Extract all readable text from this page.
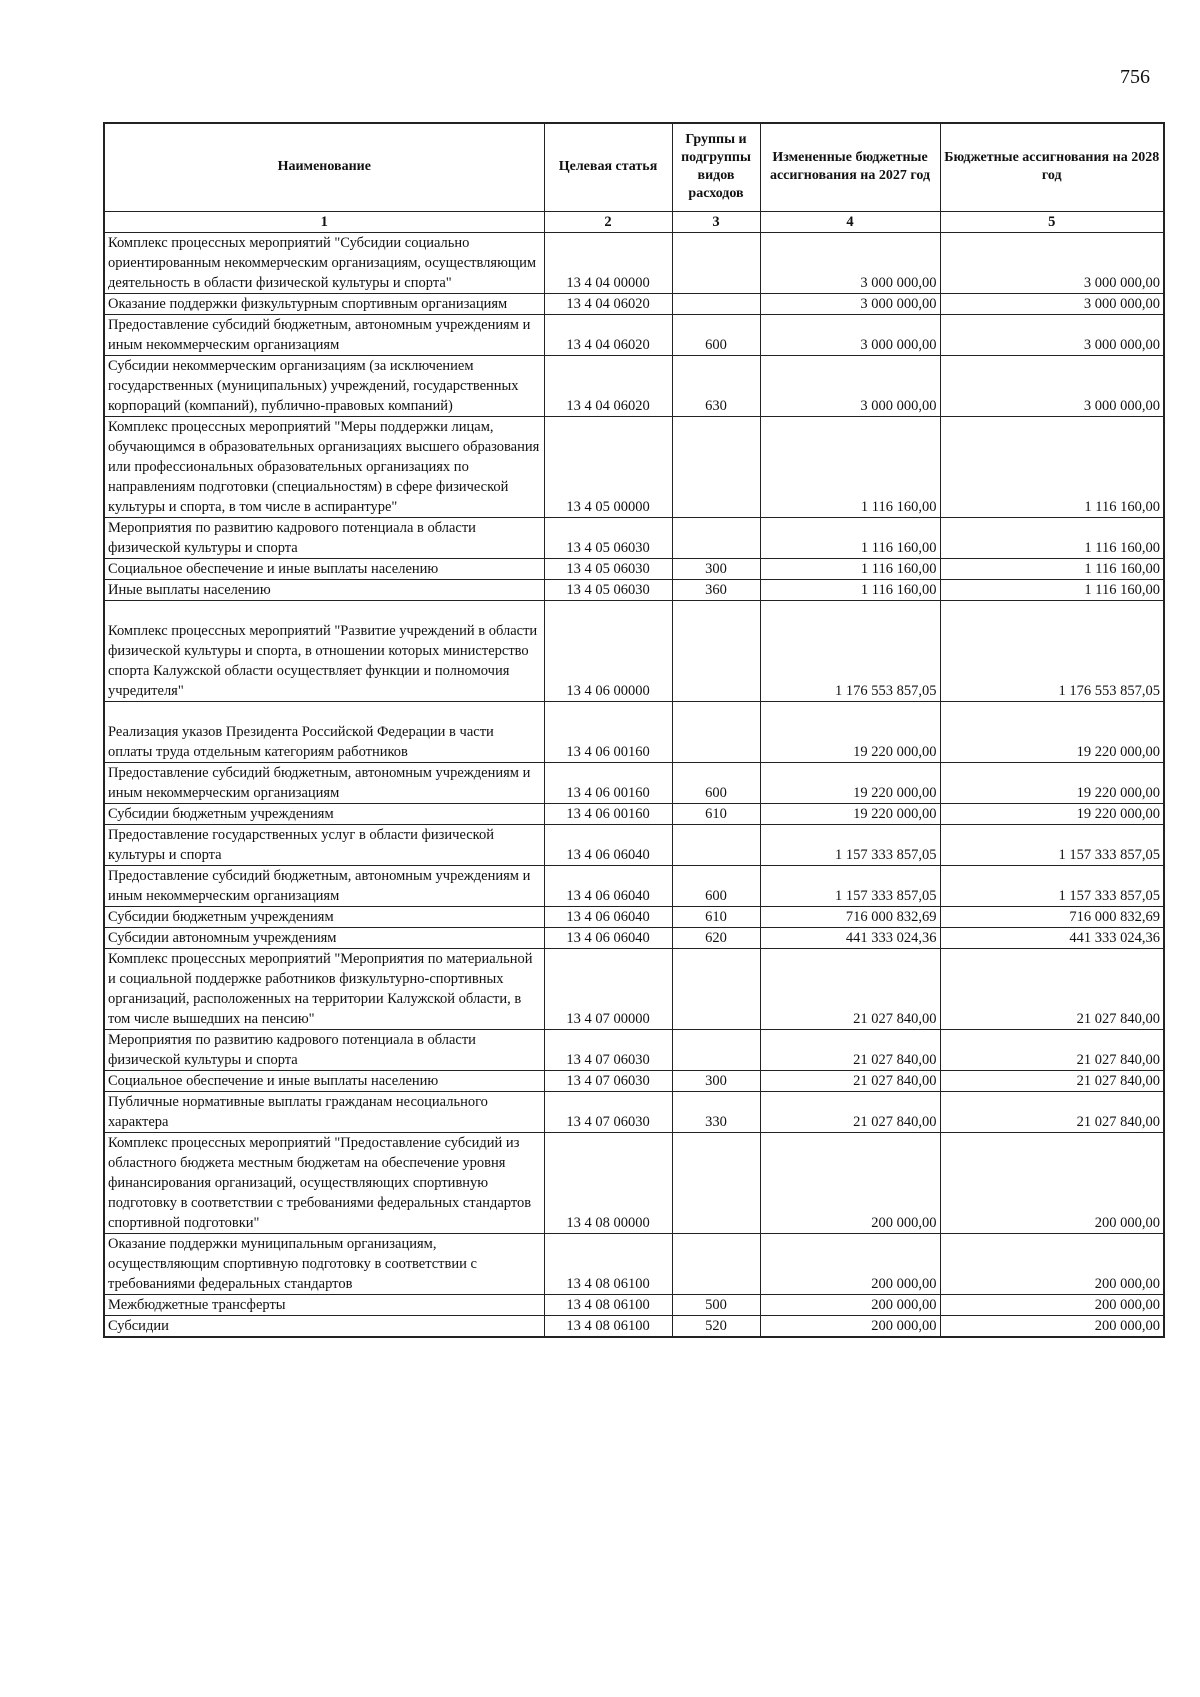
756
Наименование	Целевая статья	Группы и подгруппы видов расходов	Измененные бюджетные ассигнования на 2027 год	Бюджетные ассигнования на 2028 год
1	2	3	4	5
Комплекс процессных мероприятий "Субсидии социально ориентированным некоммерческим организациям, осуществляющим деятельность в области физической культуры и спорта"	13 4 04 00000		3 000 000,00	3 000 000,00
Оказание поддержки физкультурным спортивным организациям	13 4 04 06020		3 000 000,00	3 000 000,00
Предоставление субсидий бюджетным, автономным учреждениям и иным некоммерческим организациям	13 4 04 06020	600	3 000 000,00	3 000 000,00
Субсидии некоммерческим организациям (за исключением государственных (муниципальных) учреждений, государственных корпораций (компаний), публично-правовых компаний)	13 4 04 06020	630	3 000 000,00	3 000 000,00
Комплекс процессных мероприятий "Меры поддержки лицам, обучающимся в образовательных организациях высшего образования или профессиональных образовательных организациях по направлениям подготовки (специальностям) в сфере физической культуры и спорта, в том числе в аспирантуре"	13 4 05 00000		1 116 160,00	1 116 160,00
Мероприятия по развитию кадрового потенциала в области физической культуры и спорта	13 4 05 06030		1 116 160,00	1 116 160,00
Социальное обеспечение и иные выплаты населению	13 4 05 06030	300	1 116 160,00	1 116 160,00
Иные выплаты населению	13 4 05 06030	360	1 116 160,00	1 116 160,00
Комплекс процессных мероприятий "Развитие учреждений в области физической культуры и спорта, в отношении которых министерство спорта Калужской области осуществляет функции и полномочия учредителя"	13 4 06 00000		1 176 553 857,05	1 176 553 857,05
Реализация указов Президента Российской Федерации в части оплаты труда отдельным категориям работников	13 4 06 00160		19 220 000,00	19 220 000,00
Предоставление субсидий бюджетным, автономным учреждениям и иным некоммерческим организациям	13 4 06 00160	600	19 220 000,00	19 220 000,00
Субсидии бюджетным учреждениям	13 4 06 00160	610	19 220 000,00	19 220 000,00
Предоставление государственных услуг в области физической культуры и спорта	13 4 06 06040		1 157 333 857,05	1 157 333 857,05
Предоставление субсидий бюджетным, автономным учреждениям и иным некоммерческим организациям	13 4 06 06040	600	1 157 333 857,05	1 157 333 857,05
Субсидии бюджетным учреждениям	13 4 06 06040	610	716 000 832,69	716 000 832,69
Субсидии автономным учреждениям	13 4 06 06040	620	441 333 024,36	441 333 024,36
Комплекс процессных мероприятий "Мероприятия по материальной и социальной поддержке работников физкультурно-спортивных организаций, расположенных на территории Калужской области, в том числе вышедших на пенсию"	13 4 07 00000		21 027 840,00	21 027 840,00
Мероприятия по развитию кадрового потенциала в области физической культуры и спорта	13 4 07 06030		21 027 840,00	21 027 840,00
Социальное обеспечение и иные выплаты населению	13 4 07 06030	300	21 027 840,00	21 027 840,00
Публичные нормативные выплаты гражданам несоциального характера	13 4 07 06030	330	21 027 840,00	21 027 840,00
Комплекс процессных мероприятий "Предоставление субсидий из областного бюджета местным бюджетам на обеспечение уровня финансирования организаций, осуществляющих спортивную подготовку в соответствии с требованиями федеральных стандартов спортивной подготовки"	13 4 08 00000		200 000,00	200 000,00
Оказание поддержки муниципальным организациям, осуществляющим спортивную подготовку в соответствии с требованиями федеральных стандартов	13 4 08 06100		200 000,00	200 000,00
Межбюджетные трансферты	13 4 08 06100	500	200 000,00	200 000,00
Субсидии	13 4 08 06100	520	200 000,00	200 000,00
